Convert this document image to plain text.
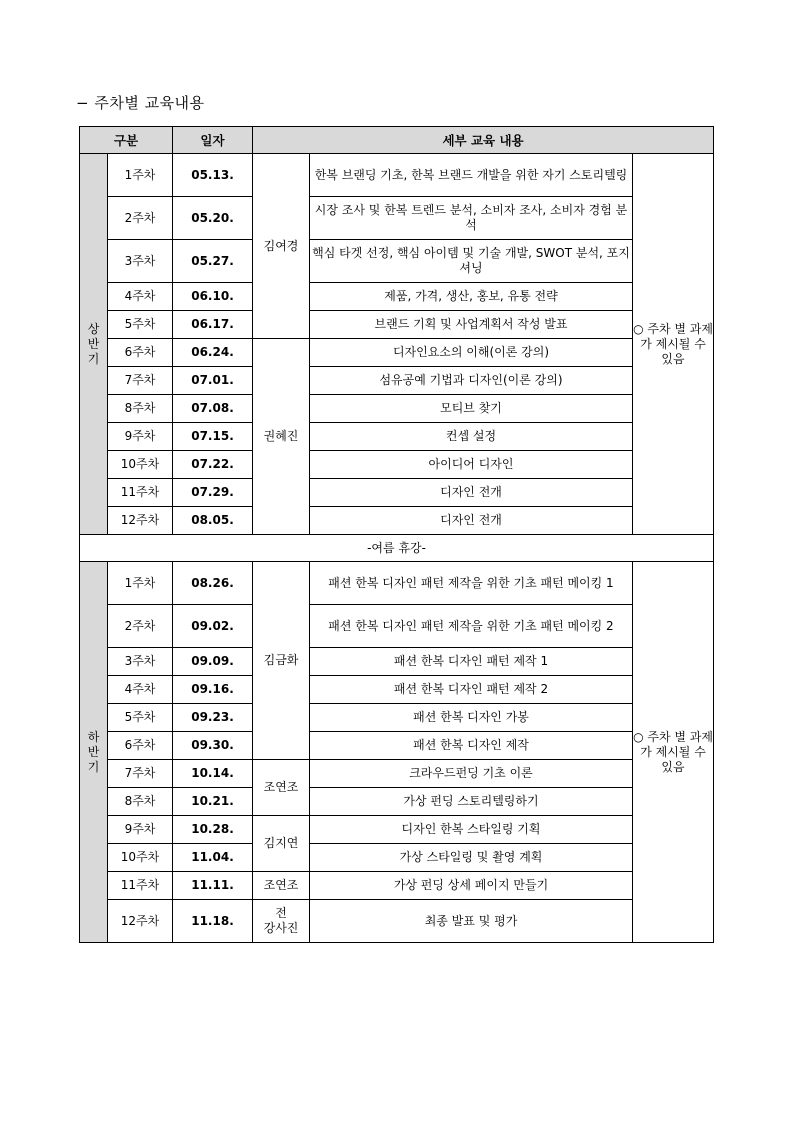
− 주차별 교육내용
구분		일자	세부 교육 내용		

상
반
기	1주차	05.13.	김여경	한복 브랜딩 기초, 한복 브랜드 개발을 위한 자기 스토리텔링	○ 주차 별 과제가 제시될 수 있음
	2주차	05.20.		시장 조사 및 한복 트렌드 분석, 소비자 조사, 소비자 경험 분석	
	3주차	05.27.		핵심 타겟 선정, 핵심 아이템 및 기술 개발, SWOT 분석, 포지셔닝	
	4주차	06.10.		제품, 가격, 생산, 홍보, 유통 전략	
	5주차	06.17.		브랜드 기획 및 사업계획서 작성 발표	
	6주차	06.24.	권혜진	디자인요소의 이해(이론 강의)	
	7주차	07.01.		섬유공예 기법과 디자인(이론 강의)	
	8주차	07.08.		모티브 찾기	
	9주차	07.15.		컨셉 설정	
	10주차	07.22.		아이디어 디자인	
	11주차	07.29.		디자인 전개	
	12주차	08.05.		디자인 전개	
-여름 휴강-					

하
반
기	1주차	08.26.	김금화	패션 한복 디자인 패턴 제작을 위한 기초 패턴 메이킹 1	○ 주차 별 과제가 제시될 수 있음
	2주차	09.02.		패션 한복 디자인 패턴 제작을 위한 기초 패턴 메이킹 2	
	3주차	09.09.		패션 한복 디자인 패턴 제작 1	
	4주차	09.16.		패션 한복 디자인 패턴 제작 2	
	5주차	09.23.		패션 한복 디자인 가봉	
	6주차	09.30.		패션 한복 디자인 제작	
	7주차	10.14.	조연조	크라우드펀딩 기초 이론	
	8주차	10.21.		가상 펀딩 스토리텔링하기	
	9주차	10.28.	김지연	디자인 한복 스타일링 기획	
	10주차	11.04.		가상 스타일링 및 촬영 계획	
	11주차	11.11.	조연조	가상 펀딩 상세 페이지 만들기	
	12주차	11.18.	전
강사진	최종 발표 및 평가	
